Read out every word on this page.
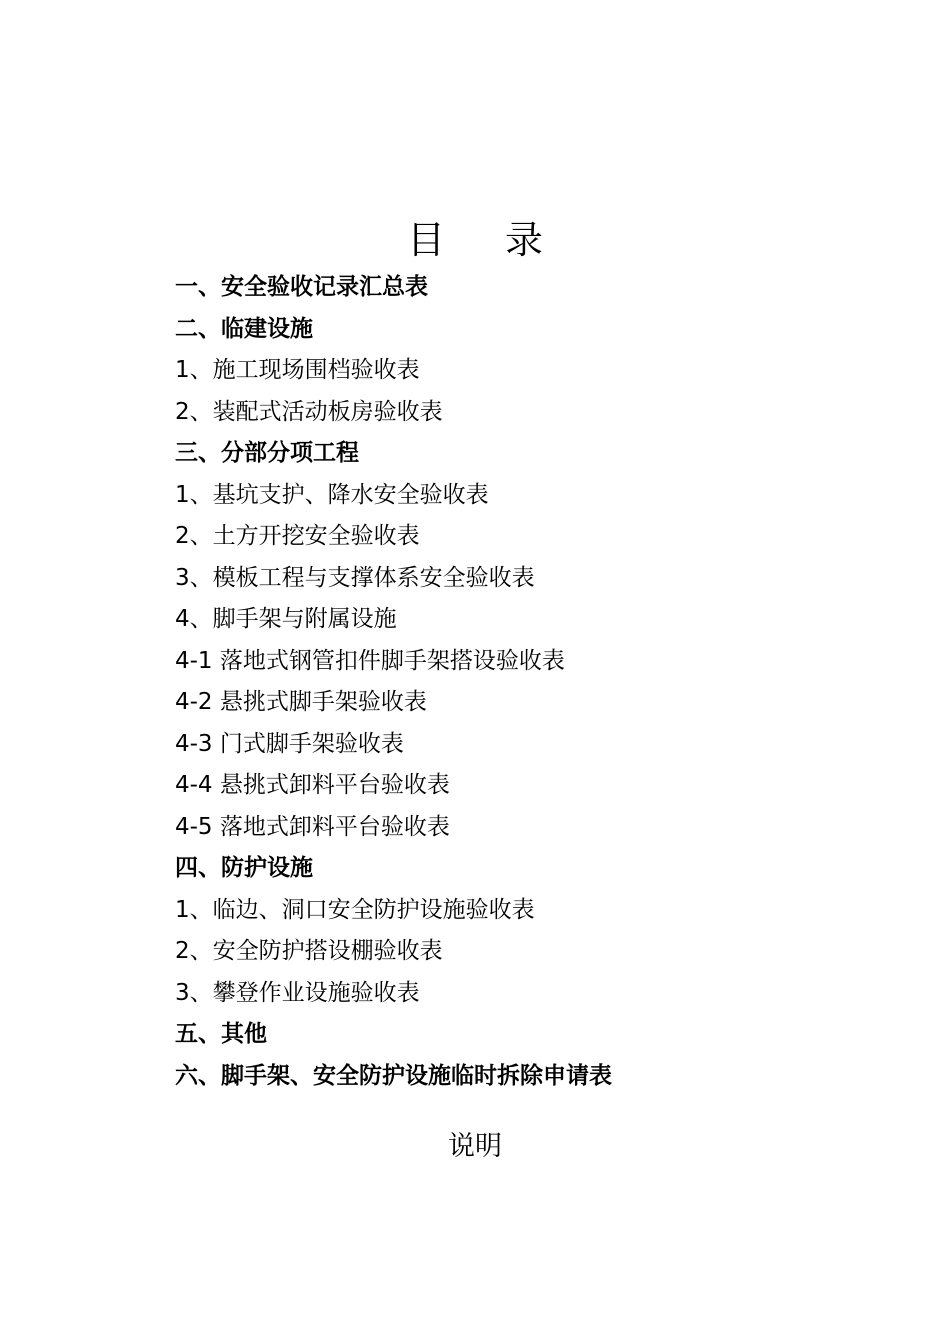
目 录
一、安全验收记录汇总表
二、临建设施
1、施工现场围档验收表
2、装配式活动板房验收表
三、分部分项工程
1、基坑支护、降水安全验收表
2、土方开挖安全验收表
3、模板工程与支撑体系安全验收表
4、脚手架与附属设施
4-1 落地式钢管扣件脚手架搭设验收表
4-2 悬挑式脚手架验收表
4-3 门式脚手架验收表
4-4 悬挑式卸料平台验收表
4-5 落地式卸料平台验收表
四、防护设施
1、临边、洞口安全防护设施验收表
2、安全防护搭设棚验收表
3、攀登作业设施验收表
五、其他
六、脚手架、安全防护设施临时拆除申请表
说明
